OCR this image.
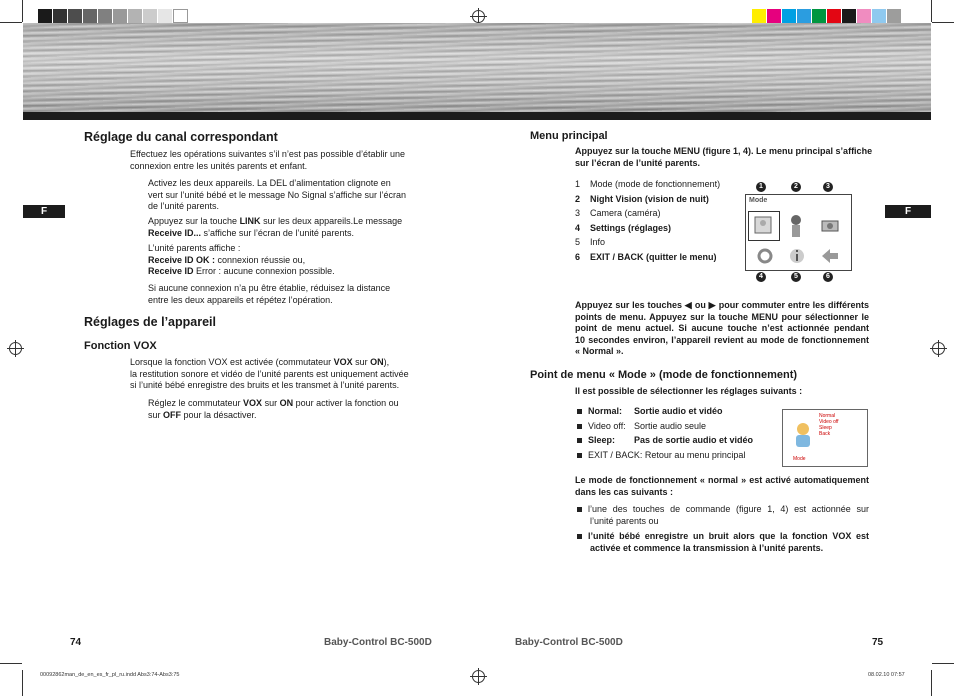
F	F
Réglage du canal correspondant
Effectuez les opérations suivantes s’il n’est pas possible d’établir une
connexion entre les unités parents et enfant.
Activez les deux appareils. La DEL d’alimentation clignote en
vert sur l’unité bébé et le message No Signal s’affiche sur l’écran
de l’unité parents.
Appuyez sur la touche LINK sur les deux appareils.Le message
Receive ID... s’affiche sur l’écran de l’unité parents.
L’unité parents affiche :
Receive ID OK : connexion réussie ou,
Receive ID Error : aucune connexion possible.
Si aucune connexion n’a pu être établie, réduisez la distance
entre les deux appareils et répétez l’opération.
Réglages de l’appareil
Fonction VOX
Lorsque la fonction VOX est activée (commutateur VOX sur ON),
la restitution sonore et vidéo de l’unité parents est uniquement activée
si l’unité bébé enregistre des bruits et les transmet à l’unité parents.
Réglez le commutateur VOX sur ON pour activer la fonction ou
sur OFF pour la désactiver.
74	Baby-Control BC-500D
Menu principal
Appuyez sur la touche MENU (figure 1, 4). Le menu principal s’affiche
sur l’écran de l’unité parents.
1 Mode (mode de fonctionnement)
2 Night Vision (vision de nuit)
3 Camera (caméra)
4 Settings (réglages)
5 Info
6 EXIT / BACK (quitter le menu)
Mode
1	2	3
4	5	6
Appuyez sur les touches ◀ ou ▶ pour commuter entre les différents
points de menu. Appuyez sur la touche MENU pour sélectionner le
point de menu actuel. Si aucune touche n’est actionnée pendant
10 secondes environ, l’appareil revient au mode de fonctionnement
« Normal ».
Point de menu « Mode » (mode de fonctionnement)
Il est possible de sélectionner les réglages suivants :
Normal: Sortie audio et vidéo
Video off: Sortie audio seule
Sleep: Pas de sortie audio et vidéo
EXIT / BACK: Retour au menu principal
Normal
Video off
Sleep
Back
Mode
Le mode de fonctionnement « normal » est activé automatiquement
dans les cas suivants :
l’une des touches de commande (figure 1, 4) est actionnée sur
l’unité parents ou
l’unité bébé enregistre un bruit alors que la fonction VOX est
activée et commence la transmission à l’unité parents.
Baby-Control BC-500D	75
00092862man_de_en_es_fr_pl_ru.indd Abs3:74-Abs3:75	08.02.10 07:57
